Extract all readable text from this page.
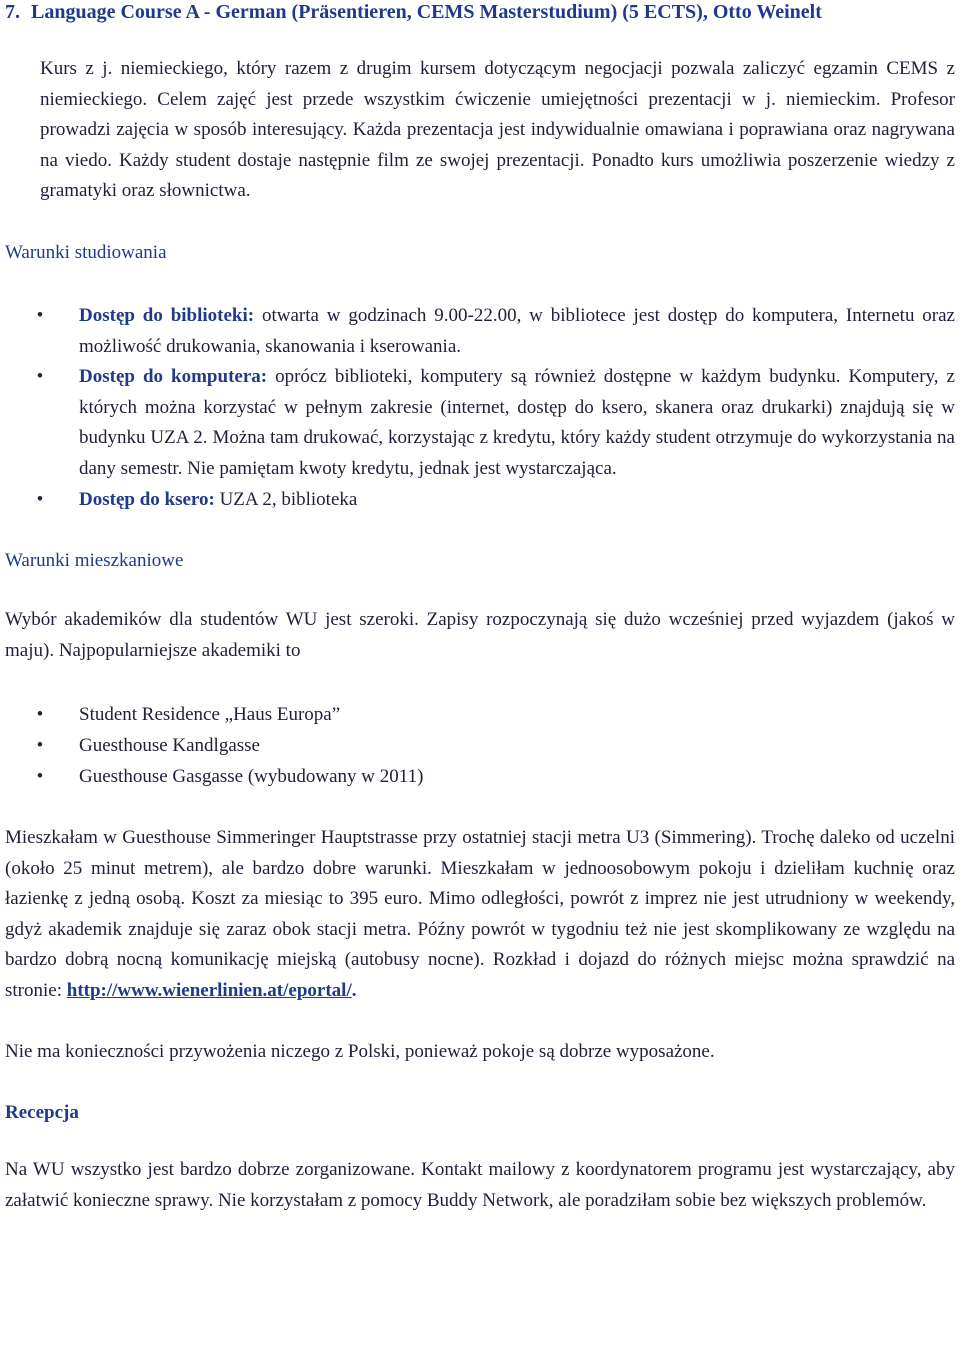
7. Language Course A - German (Präsentieren, CEMS Masterstudium) (5 ECTS), Otto Weinelt

Kurs z j. niemieckiego, który razem z drugim kursem dotyczącym negocjacji pozwala zaliczyć egzamin CEMS z niemieckiego. Celem zajęć jest przede wszystkim ćwiczenie umiejętności prezentacji w j. niemieckim. Profesor prowadzi zajęcia w sposób interesujący. Każda prezentacja jest indywidualnie omawiana i poprawiana oraz nagrywana na viedo. Każdy student dostaje następnie film ze swojej prezentacji. Ponadto kurs umożliwia poszerzenie wiedzy z gramatyki oraz słownictwa.

Warunki studiowania
•	Dostęp do biblioteki: otwarta w godzinach 9.00-22.00, w bibliotece jest dostęp do komputera, Internetu oraz możliwość drukowania, skanowania i kserowania.
•	Dostęp do komputera: oprócz biblioteki, komputery są również dostępne w każdym budynku. Komputery, z których można korzystać w pełnym zakresie (internet, dostęp do ksero, skanera oraz drukarki) znajdują się w budynku UZA 2. Można tam drukować, korzystając z kredytu, który każdy student otrzymuje do wykorzystania na dany semestr. Nie pamiętam kwoty kredytu, jednak jest wystarczająca.
•	Dostęp do ksero: UZA 2, biblioteka
Warunki mieszkaniowe

Wybór akademików dla studentów WU jest szeroki. Zapisy rozpoczynają się dużo wcześniej przed wyjazdem (jakoś w maju). Najpopularniejsze akademiki to

•	Student Residence „Haus Europa”
•	Guesthouse Kandlgasse
•	Guesthouse Gasgasse (wybudowany w 2011)

Mieszkałam w Guesthouse Simmeringer Hauptstrasse przy ostatniej stacji metra U3 (Simmering). Trochę daleko od uczelni (około 25 minut metrem), ale bardzo dobre warunki. Mieszkałam w jednoosobowym pokoju i dzieliłam kuchnię oraz łazienkę z jedną osobą. Koszt za miesiąc to 395 euro. Mimo odległości, powrót z imprez nie jest utrudniony w weekendy, gdyż akademik znajduje się zaraz obok stacji metra. Późny powrót w tygodniu też nie jest skomplikowany ze względu na bardzo dobrą nocną komunikację miejską (autobusy nocne). Rozkład i dojazd do różnych miejsc można sprawdzić na stronie: http://www.wienerlinien.at/eportal/.

Nie ma konieczności przywożenia niczego z Polski, ponieważ pokoje są dobrze wyposażone.

Recepcja

Na WU wszystko jest bardzo dobrze zorganizowane. Kontakt mailowy z koordynatorem programu jest wystarczający, aby załatwić konieczne sprawy. Nie korzystałam z pomocy Buddy Network, ale poradziłam sobie bez większych problemów.
